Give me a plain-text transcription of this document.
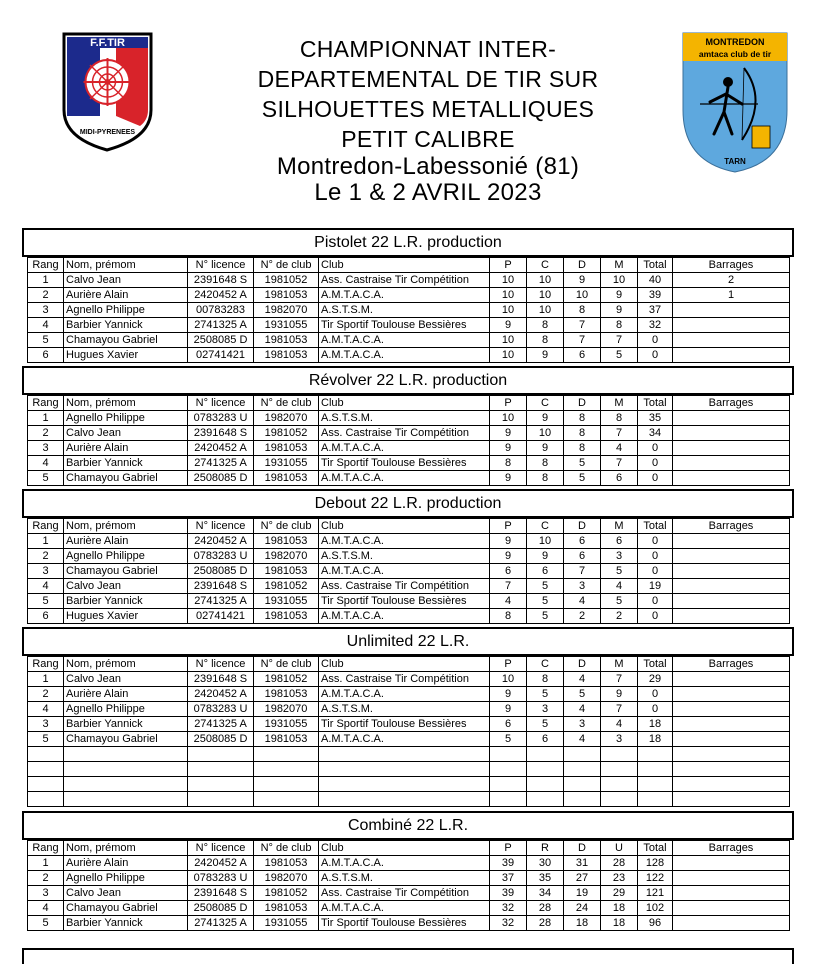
F.F.TIR
MIDI-PYRENEES
CHAMPIONNAT INTER-
DEPARTEMENTAL DE TIR SUR
SILHOUETTES METALLIQUES
PETIT CALIBRE
Montredon-Labessonié (81)
Le 1 & 2 AVRIL 2023
MONTREDON
amtaca club de tir
TARN
Pistolet 22 L.R. production
Rang	Nom, prémom	N° licence	N° de club	Club	P	C	D	M	Total	Barrages
1	Calvo Jean	2391648 S	1981052	Ass. Castraise Tir Compétition	10	10	9	10	40	2
2	Aurière Alain	2420452 A	1981053	A.M.T.A.C.A.	10	10	10	9	39	1
3	Agnello Philippe	00783283	1982070	A.S.T.S.M.	10	10	8	9	37	
4	Barbier Yannick	2741325 A	1931055	Tir Sportif Toulouse Bessières	9	8	7	8	32	
5	Chamayou Gabriel	2508085 D	1981053	A.M.T.A.C.A.	10	8	7	7	0	
6	Hugues Xavier	02741421	1981053	A.M.T.A.C.A.	10	9	6	5	0	
Révolver 22 L.R. production
Rang	Nom, prémom	N° licence	N° de club	Club	P	C	D	M	Total	Barrages
1	Agnello Philippe	0783283 U	1982070	A.S.T.S.M.	10	9	8	8	35	
2	Calvo Jean	2391648 S	1981052	Ass. Castraise Tir Compétition	9	10	8	7	34	
3	Aurière Alain	2420452 A	1981053	A.M.T.A.C.A.	9	9	8	4	0	
4	Barbier Yannick	2741325 A	1931055	Tir Sportif Toulouse Bessières	8	8	5	7	0	
5	Chamayou Gabriel	2508085 D	1981053	A.M.T.A.C.A.	9	8	5	6	0	
Debout 22 L.R. production
Rang	Nom, prémom	N° licence	N° de club	Club	P	C	D	M	Total	Barrages
1	Aurière Alain	2420452 A	1981053	A.M.T.A.C.A.	9	10	6	6	0	
2	Agnello Philippe	0783283 U	1982070	A.S.T.S.M.	9	9	6	3	0	
3	Chamayou Gabriel	2508085 D	1981053	A.M.T.A.C.A.	6	6	7	5	0	
4	Calvo Jean	2391648 S	1981052	Ass. Castraise Tir Compétition	7	5	3	4	19	
5	Barbier Yannick	2741325 A	1931055	Tir Sportif Toulouse Bessières	4	5	4	5	0	
6	Hugues Xavier	02741421	1981053	A.M.T.A.C.A.	8	5	2	2	0	
Unlimited 22 L.R.
Rang	Nom, prémom	N° licence	N° de club	Club	P	C	D	M	Total	Barrages
1	Calvo Jean	2391648 S	1981052	Ass. Castraise Tir Compétition	10	8	4	7	29	
2	Aurière Alain	2420452 A	1981053	A.M.T.A.C.A.	9	5	5	9	0	
4	Agnello Philippe	0783283 U	1982070	A.S.T.S.M.	9	3	4	7	0	
3	Barbier Yannick	2741325 A	1931055	Tir Sportif Toulouse Bessières	6	5	3	4	18	
5	Chamayou Gabriel	2508085 D	1981053	A.M.T.A.C.A.	5	6	4	3	18	

Combiné 22 L.R.
Rang	Nom, prémom	N° licence	N° de club	Club	P	R	D	U	Total	Barrages
1	Aurière Alain	2420452 A	1981053	A.M.T.A.C.A.	39	30	31	28	128	
2	Agnello Philippe	0783283 U	1982070	A.S.T.S.M.	37	35	27	23	122	
3	Calvo Jean	2391648 S	1981052	Ass. Castraise Tir Compétition	39	34	19	29	121	
4	Chamayou Gabriel	2508085 D	1981053	A.M.T.A.C.A.	32	28	24	18	102	
5	Barbier Yannick	2741325 A	1931055	Tir Sportif Toulouse Bessières	32	28	18	18	96	
